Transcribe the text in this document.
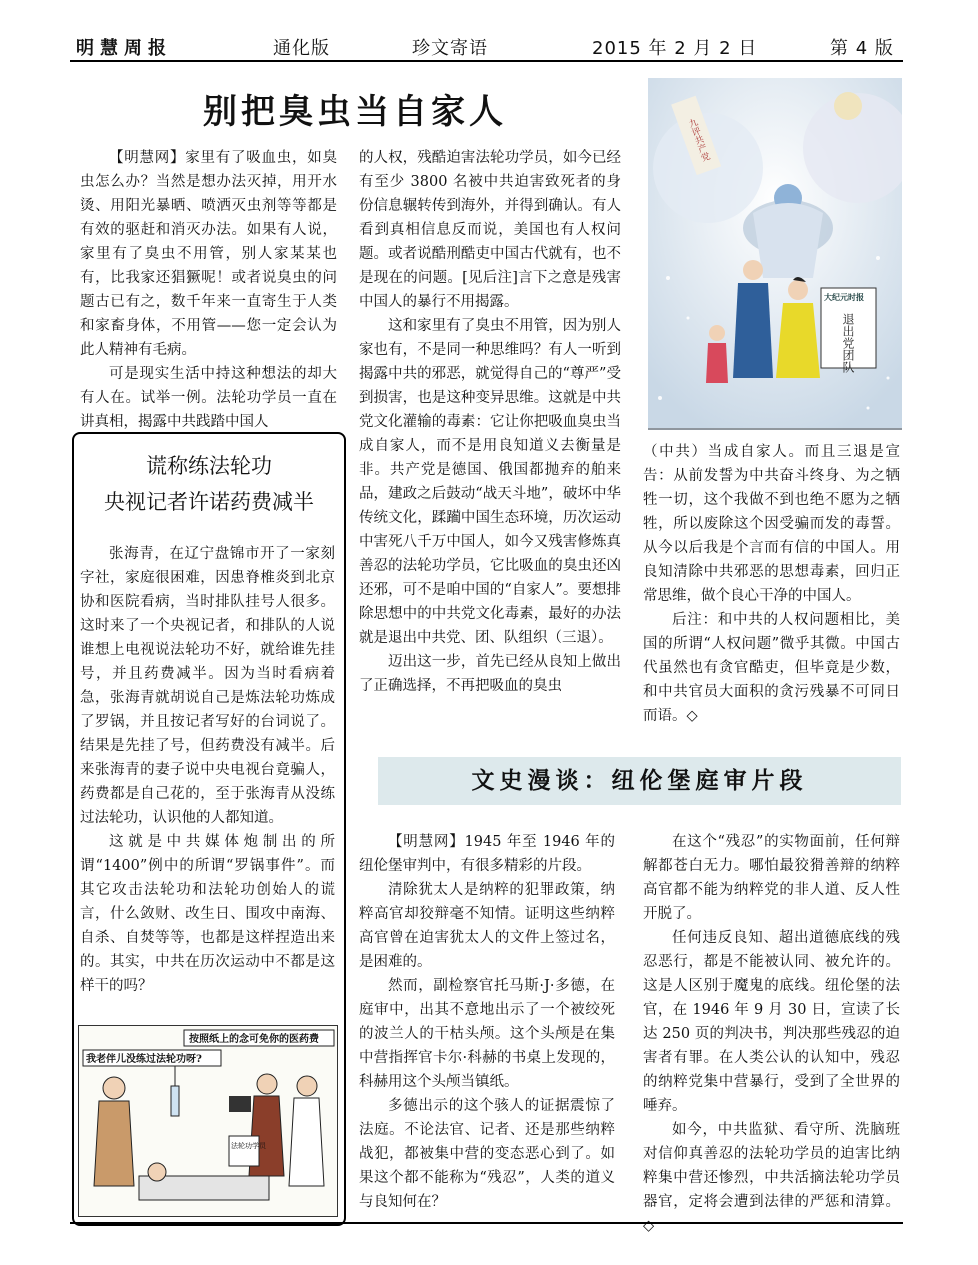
明慧周报	通化版	珍文寄语	2015 年 2 月 2 日	第 4 版
别把臭虫当自家人

【明慧网】家里有了吸血虫，如臭虫怎么办？当然是想办法灭掉，用开水烫、用阳光暴晒、喷洒灭虫剂等等都是有效的驱赶和消灭办法。如果有人说，家里有了臭虫不用管，别人家某某也有，比我家还猖獗呢！或者说臭虫的问题古已有之，数千年来一直寄生于人类和家畜身体，不用管——您一定会认为此人精神有毛病。

可是现实生活中持这种想法的却大有人在。试举一例。法轮功学员一直在讲真相，揭露中共践踏中国人

的人权，残酷迫害法轮功学员，如今已经有至少 3800 名被中共迫害致死者的身份信息辗转传到海外，并得到确认。有人看到真相信息反而说，美国也有人权问题。或者说酷刑酷吏中国古代就有，也不是现在的问题。[见后注]言下之意是残害中国人的暴行不用揭露。

这和家里有了臭虫不用管，因为别人家也有，不是同一种思维吗？有人一听到揭露中共的邪恶，就觉得自己的“尊严”受到损害，也是这种变异思维。这就是中共党文化灌输的毒素：它让你把吸血臭虫当成自家人，而不是用良知道义去衡量是非。共产党是德国、俄国都抛弃的舶来品，建政之后鼓动“战天斗地”，破坏中华传统文化，蹂躏中国生态环境，历次运动中害死八千万中国人，如今又残害修炼真善忍的法轮功学员，它比吸血的臭虫还凶还邪，可不是咱中国的“自家人”。要想排除思想中的中共党文化毒素，最好的办法就是退出中共党、团、队组织（三退）。

迈出这一步，首先已经从良知上做出了正确选择，不再把吸血的臭虫

九评共产党
大纪元时报
退出党团队

（中共）当成自家人。而且三退是宣告：从前发誓为中共奋斗终身、为之牺牲一切，这个我做不到也绝不愿为之牺牲，所以废除这个因受骗而发的毒誓。从今以后我是个言而有信的中国人。用良知清除中共邪恶的思想毒素，回归正常思维，做个良心干净的中国人。

后注：和中共的人权问题相比，美国的所谓“人权问题”微乎其微。中国古代虽然也有贪官酷吏，但毕竟是少数，和中共官员大面积的贪污残暴不可同日而语。◇

谎称练法轮功
央视记者许诺药费减半

张海青，在辽宁盘锦市开了一家刻字社，家庭很困难，因患脊椎炎到北京协和医院看病，当时排队挂号人很多。这时来了一个央视记者，和排队的人说谁想上电视说法轮功不好，就给谁先挂号，并且药费减半。因为当时看病着急，张海青就胡说自己是炼法轮功炼成了罗锅，并且按记者写好的台词说了。结果是先挂了号，但药费没有减半。后来张海青的妻子说中央电视台竟骗人，药费都是自己花的，至于张海青从没练过法轮功，认识他的人都知道。

这就是中共媒体炮制出的所谓“1400”例中的所谓“罗锅事件”。而其它攻击法轮功和法轮功创始人的谎言，什么敛财、改生日、围攻中南海、自杀、自焚等等，也都是这样捏造出来的。其实，中共在历次运动中不都是这样干的吗？

按照纸上的念可免你的医药费
我老伴儿没练过法轮功呀?
法轮功学员
文史漫谈：纽伦堡庭审片段

【明慧网】1945 年至 1946 年的纽伦堡审判中，有很多精彩的片段。

清除犹太人是纳粹的犯罪政策，纳粹高官却狡辩毫不知情。证明这些纳粹高官曾在迫害犹太人的文件上签过名，是困难的。

然而，副检察官托马斯·J·多德，在庭审中，出其不意地出示了一个被绞死的波兰人的干枯头颅。这个头颅是在集中营指挥官卡尔·科赫的书桌上发现的，科赫用这个头颅当镇纸。

多德出示的这个骇人的证据震惊了法庭。不论法官、记者、还是那些纳粹战犯，都被集中营的变态恶心到了。如果这个都不能称为“残忍”，人类的道义与良知何在？

在这个“残忍”的实物面前，任何辩解都苍白无力。哪怕最狡猾善辩的纳粹高官都不能为纳粹党的非人道、反人性开脱了。

任何违反良知、超出道德底线的残忍恶行，都是不能被认同、被允许的。这是人区别于魔鬼的底线。纽伦堡的法官，在 1946 年 9 月 30 日，宣读了长达 250 页的判决书，判决那些残忍的迫害者有罪。在人类公认的认知中，残忍的纳粹党集中营暴行，受到了全世界的唾弃。

如今，中共监狱、看守所、洗脑班对信仰真善忍的法轮功学员的迫害比纳粹集中营还惨烈，中共活摘法轮功学员器官，定将会遭到法律的严惩和清算。◇
